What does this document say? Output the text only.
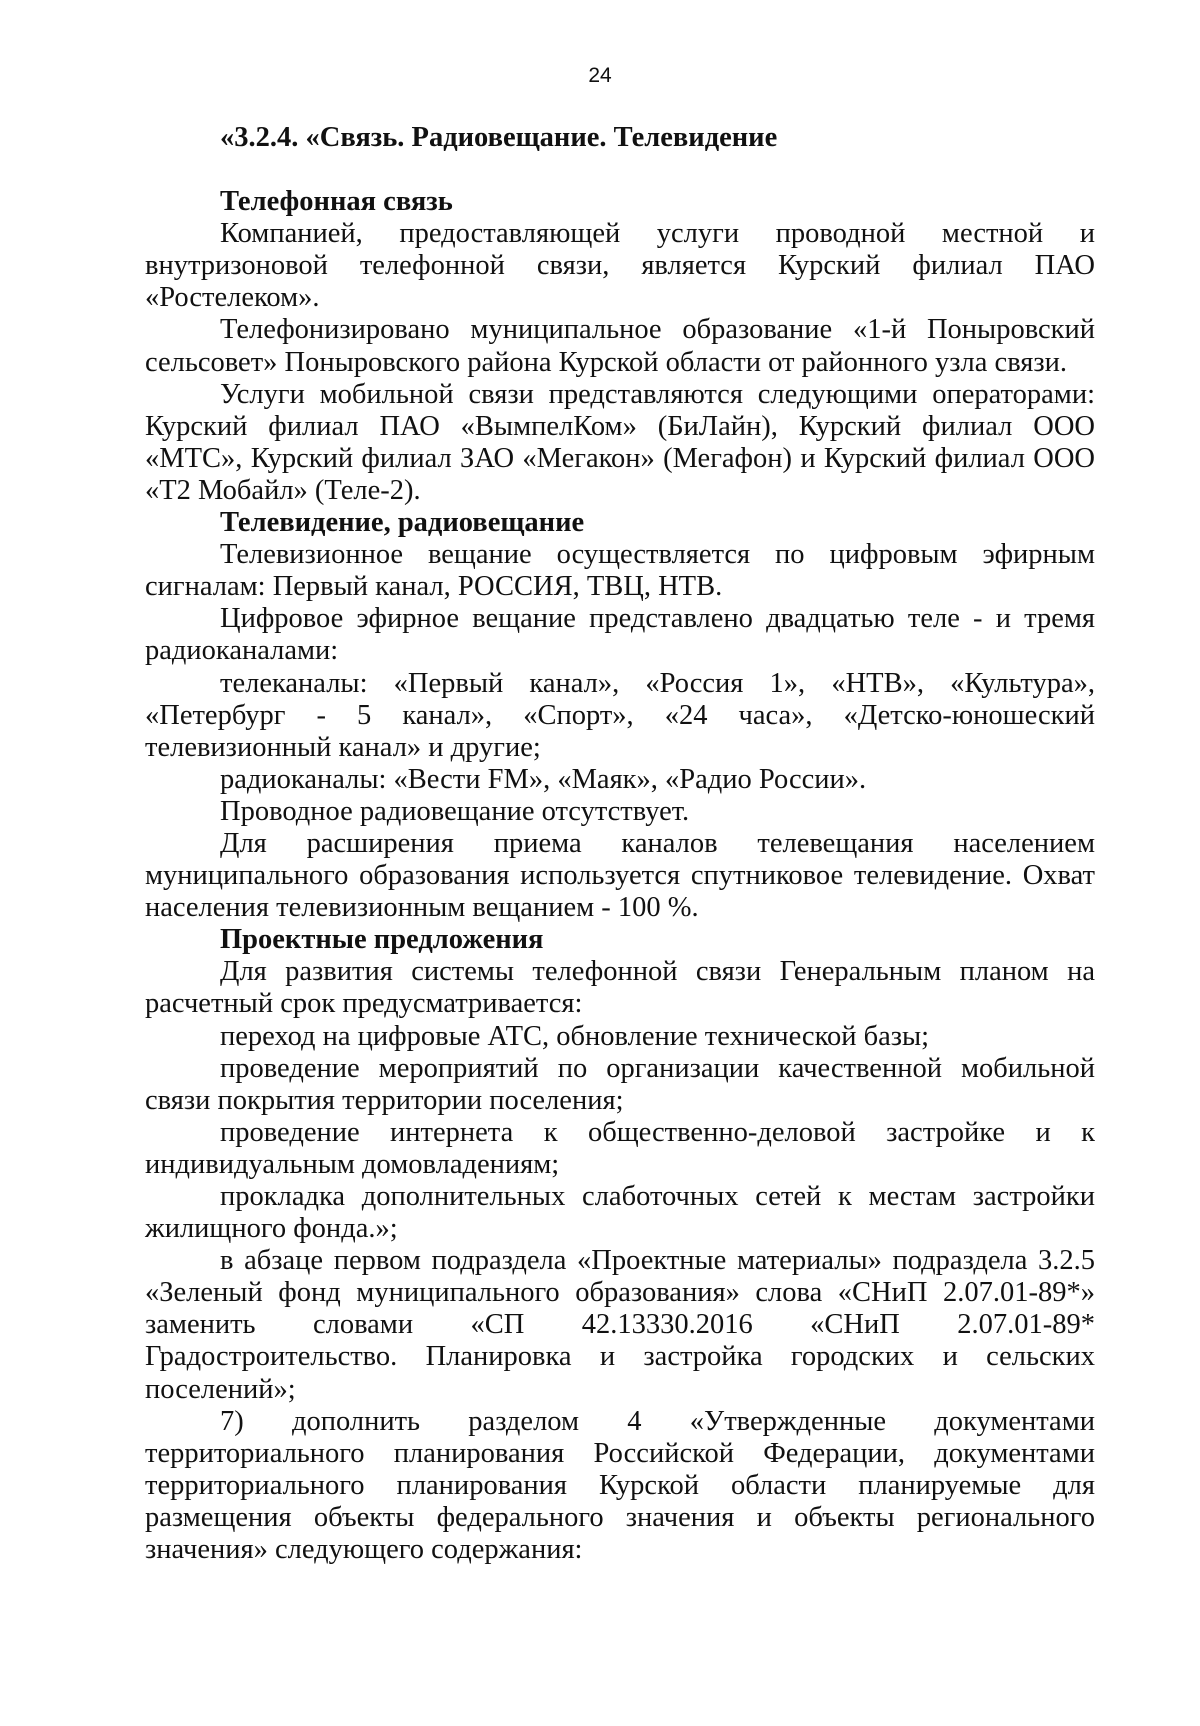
24

«3.2.4. «Связь. Радиовещание. Телевидение

Телефонная связь

Компанией, предоставляющей услуги проводной местной и внутризоновой телефонной связи, является Курский филиал ПАО «Ростелеком».

Телефонизировано муниципальное образование «1-й Поныровский сельсовет» Поныровского района Курской области от районного узла связи.

Услуги мобильной связи представляются следующими операторами: Курский филиал ПАО «ВымпелКом» (БиЛайн), Курский филиал ООО «МТС», Курский филиал ЗАО «Мегакон» (Мегафон) и Курский филиал ООО «Т2 Мобайл» (Теле-2).

Телевидение, радиовещание

Телевизионное вещание осуществляется по цифровым эфирным сигналам: Первый канал, РОССИЯ, ТВЦ, НТВ.

Цифровое эфирное вещание представлено двадцатью теле - и тремя радиоканалами:

телеканалы: «Первый канал», «Россия 1», «НТВ», «Культура», «Петербург - 5 канал», «Спорт», «24 часа», «Детско-юношеский телевизионный канал» и другие;

радиоканалы: «Вести FM», «Маяк», «Радио России».

Проводное радиовещание отсутствует.

Для расширения приема каналов телевещания населением муниципального образования используется спутниковое телевидение. Охват населения телевизионным вещанием - 100 %.

Проектные предложения

Для развития системы телефонной связи Генеральным планом на расчетный срок предусматривается:

переход на цифровые АТС, обновление технической базы;

проведение мероприятий по организации качественной мобильной связи покрытия территории поселения;

проведение интернета к общественно-деловой застройке и к индивидуальным домовладениям;

прокладка дополнительных слаботочных сетей к местам застройки жилищного фонда.»;

в абзаце первом подраздела «Проектные материалы» подраздела 3.2.5 «Зеленый фонд муниципального образования» слова «СНиП 2.07.01-89*» заменить словами «СП 42.13330.2016 «СНиП 2.07.01-89* Градостроительство. Планировка и застройка городских и сельских поселений»;

7) дополнить разделом 4 «Утвержденные документами территориального планирования Российской Федерации, документами территориального планирования Курской области планируемые для размещения объекты федерального значения и объекты регионального значения» следующего содержания:
